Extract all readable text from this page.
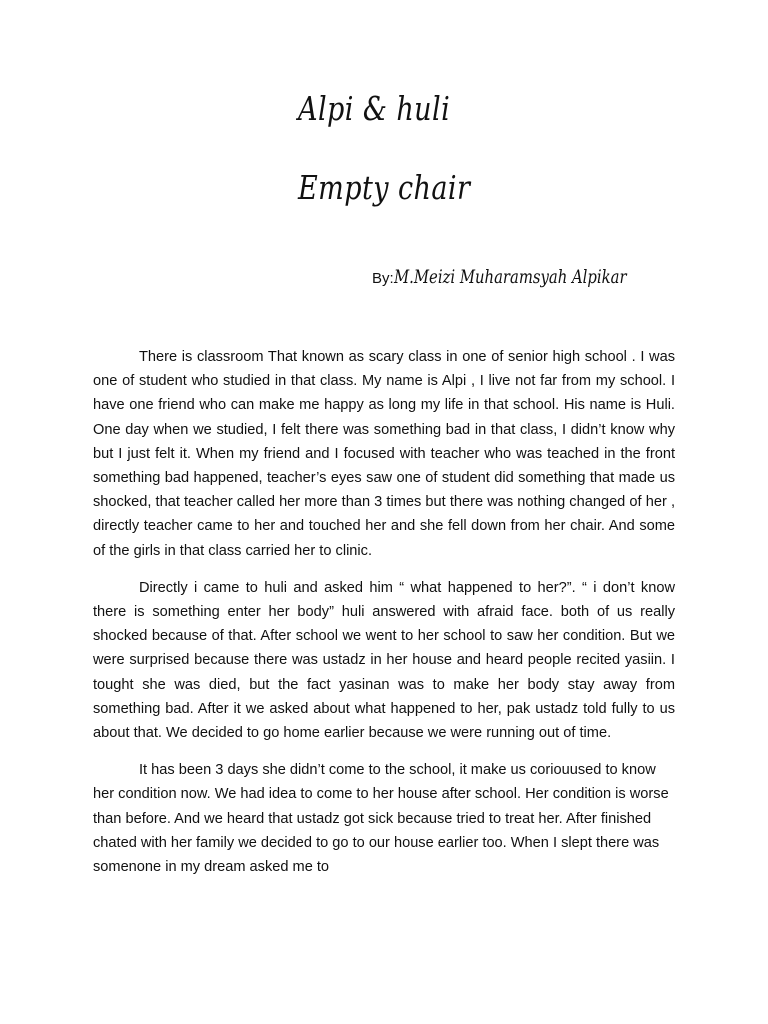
Alpi & huli
Empty chair
By: M.Meizi Muharamsyah Alpikar

There is classroom That known as scary class in one of senior high school . I was one of student who studied in that class. My name is Alpi , I live not far from my school. I have one friend who can make me happy as long my life in that school. His name is Huli. One day when we studied, I felt there was something bad in that class, I didn’t know why but I just felt it. When my friend and I focused with teacher who was teached in the front something bad happened, teacher’s eyes saw one of student did something that made us shocked, that teacher called her more than 3 times but there was nothing changed of her , directly teacher came to her and touched her and she fell down from her chair. And some of the girls in that class carried her to clinic.

Directly i came to huli and asked him “ what happened to her?”. “ i don’t know there is something enter her body” huli answered with afraid face. both of us really shocked because of that. After school we went to her school to saw her condition. But we were surprised because there was ustadz in her house and heard people recited yasiin. I tought she was died, but the fact yasinan was to make her body stay away from something bad. After it we asked about what happened to her, pak ustadz told fully to us about that. We decided to go home earlier because we were running out of time.

It has been 3 days she didn’t come to the school, it make us coriouused to know her condition now. We had idea to come to her house after school. Her condition is worse than before. And we heard that ustadz got sick because tried to treat her. After finished chated with her family we decided to go to our house earlier too. When I slept there was somenone in my dream asked me to
